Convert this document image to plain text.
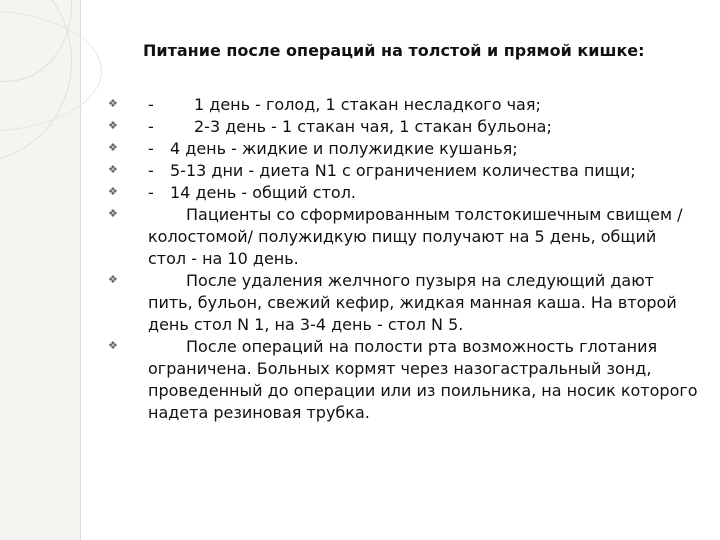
Питание после операций на толстой и прямой кишке:
❖ -	1 день - голод, 1 стакан несладкого чая;
❖ -	2-3 день - 1 стакан чая, 1 стакан бульона;
❖ - 4 день - жидкие и полужидкие кушанья;
❖ - 5-13 дни - диета N1 с ограничением количества пищи;
❖ - 14 день - общий стол.
❖	Пациенты со сформированным толстокишечным свищем /колостомой/ полужидкую пищу получают на 5 день, общий стол - на 10 день.
❖	После удаления желчного пузыря на следующий дают пить, бульон, свежий кефир, жидкая манная каша. На второй день стол N 1, на 3-4 день - стол N 5.
❖	После операций на полости рта возможность глотания ограничена. Больных кормят через назогастральный зонд, проведенный до операции или из поильника, на носик которого надета резиновая трубка.
